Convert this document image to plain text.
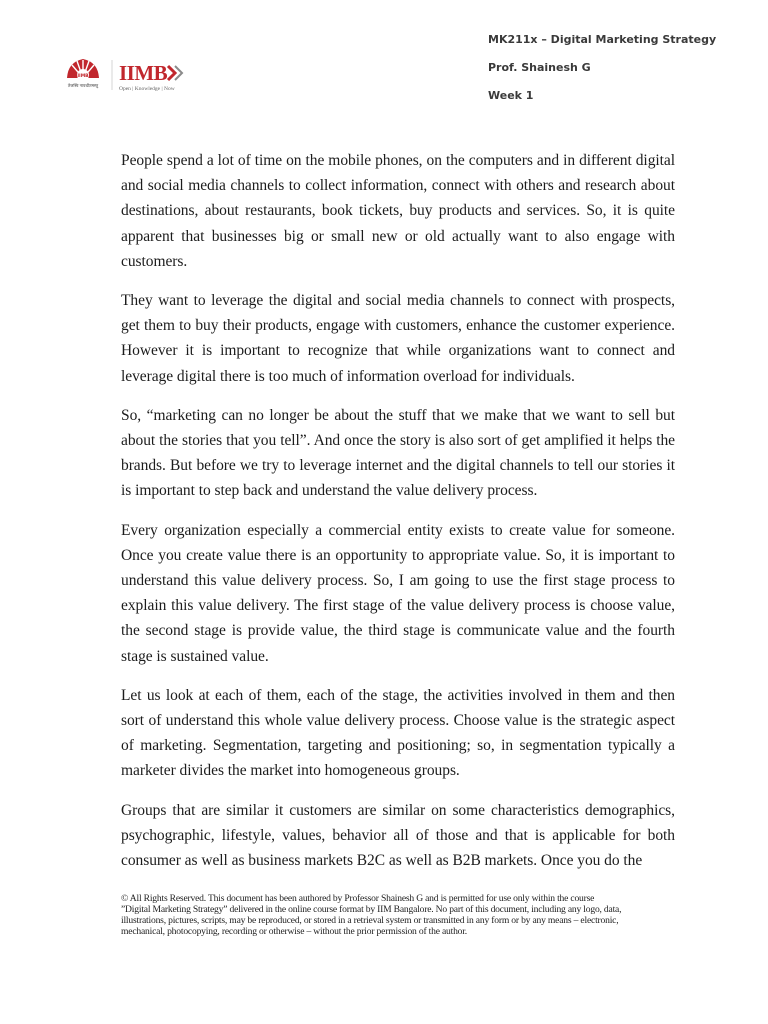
IIMB
तेजस्वि नावधीतमस्तु
IIMB
Open | Knowledge | Now
MK211x – Digital Marketing Strategy
Prof. Shainesh G
Week 1

People spend a lot of time on the mobile phones, on the computers and in different digital and social media channels to collect information, connect with others and research about destinations, about restaurants, book tickets, buy products and services. So, it is quite apparent that businesses big or small new or old actually want to also engage with customers.

They want to leverage the digital and social media channels to connect with prospects, get them to buy their products, engage with customers, enhance the customer experience. However it is important to recognize that while organizations want to connect and leverage digital there is too much of information overload for individuals.

So, “marketing can no longer be about the stuff that we make that we want to sell but about the stories that you tell”. And once the story is also sort of get amplified it helps the brands. But before we try to leverage internet and the digital channels to tell our stories it is important to step back and understand the value delivery process.

Every organization especially a commercial entity exists to create value for someone. Once you create value there is an opportunity to appropriate value. So, it is important to understand this value delivery process. So, I am going to use the first stage process to explain this value delivery. The first stage of the value delivery process is choose value, the second stage is provide value, the third stage is communicate value and the fourth stage is sustained value.

Let us look at each of them, each of the stage, the activities involved in them and then sort of understand this whole value delivery process. Choose value is the strategic aspect of marketing. Segmentation, targeting and positioning; so, in segmentation typically a marketer divides the market into homogeneous groups.

Groups that are similar it customers are similar on some characteristics demographics, psychographic, lifestyle, values, behavior all of those and that is applicable for both consumer as well as business markets B2C as well as B2B markets. Once you do the

© All Rights Reserved. This document has been authored by Professor Shainesh G and is permitted for use only within the course
”Digital Marketing Strategy” delivered in the online course format by IIM Bangalore. No part of this document, including any logo, data,
illustrations, pictures, scripts, may be reproduced, or stored in a retrieval system or transmitted in any form or by any means – electronic,
mechanical, photocopying, recording or otherwise – without the prior permission of the author.
